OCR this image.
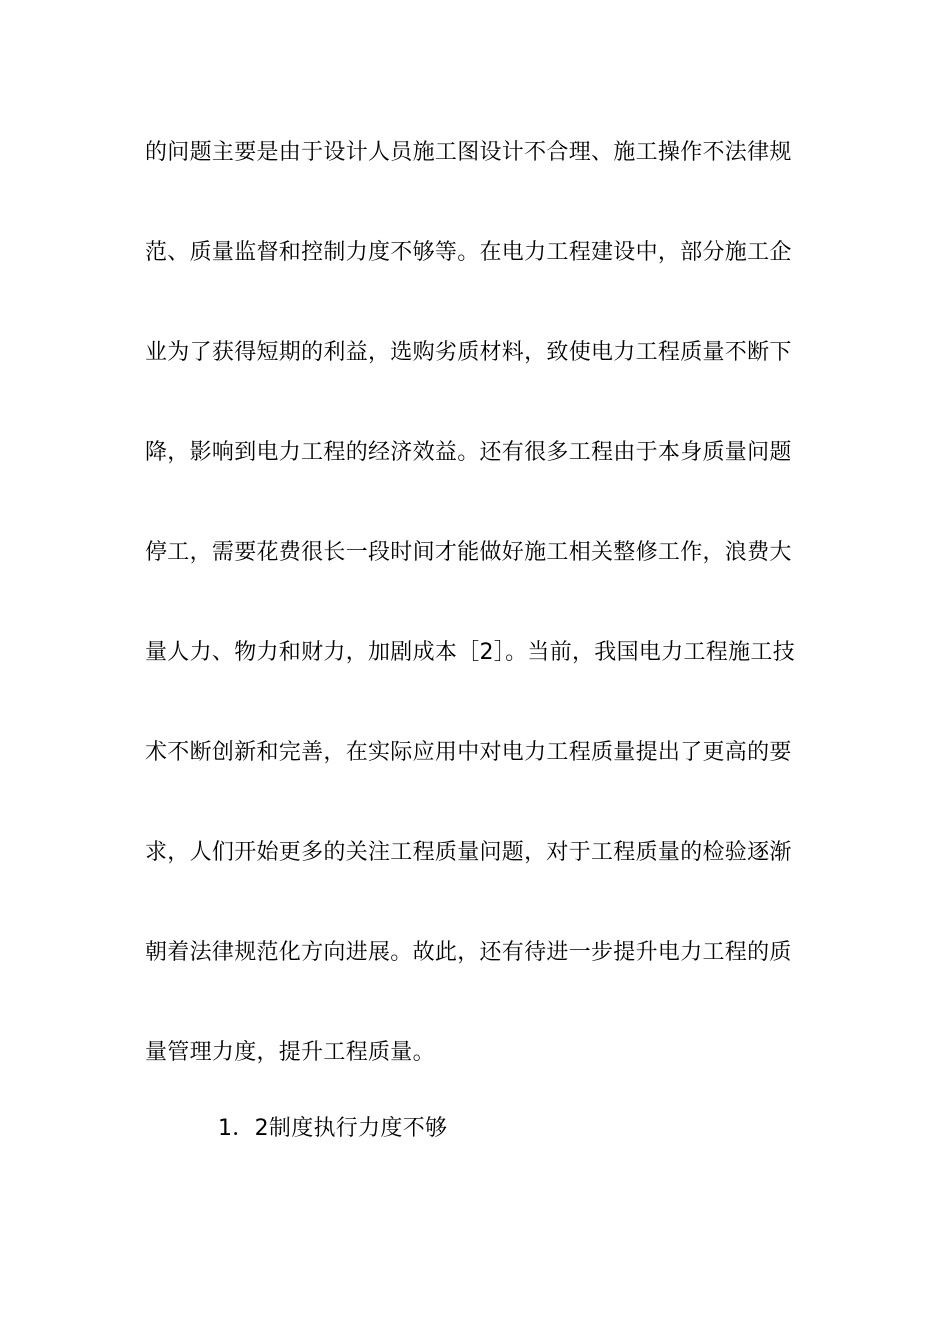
的问题主要是由于设计人员施工图设计不合理、施工操作不法律规
范、质量监督和控制力度不够等。在电力工程建设中，部分施工企
业为了获得短期的利益，选购劣质材料，致使电力工程质量不断下
降，影响到电力工程的经济效益。还有很多工程由于本身质量问题
停工，需要花费很长一段时间才能做好施工相关整修工作，浪费大
量人力、物力和财力，加剧成本［2］。当前，我国电力工程施工技
术不断创新和完善，在实际应用中对电力工程质量提出了更高的要
求，人们开始更多的关注工程质量问题，对于工程质量的检验逐渐
朝着法律规范化方向进展。故此，还有待进一步提升电力工程的质
量管理力度，提升工程质量。
1．2制度执行力度不够
